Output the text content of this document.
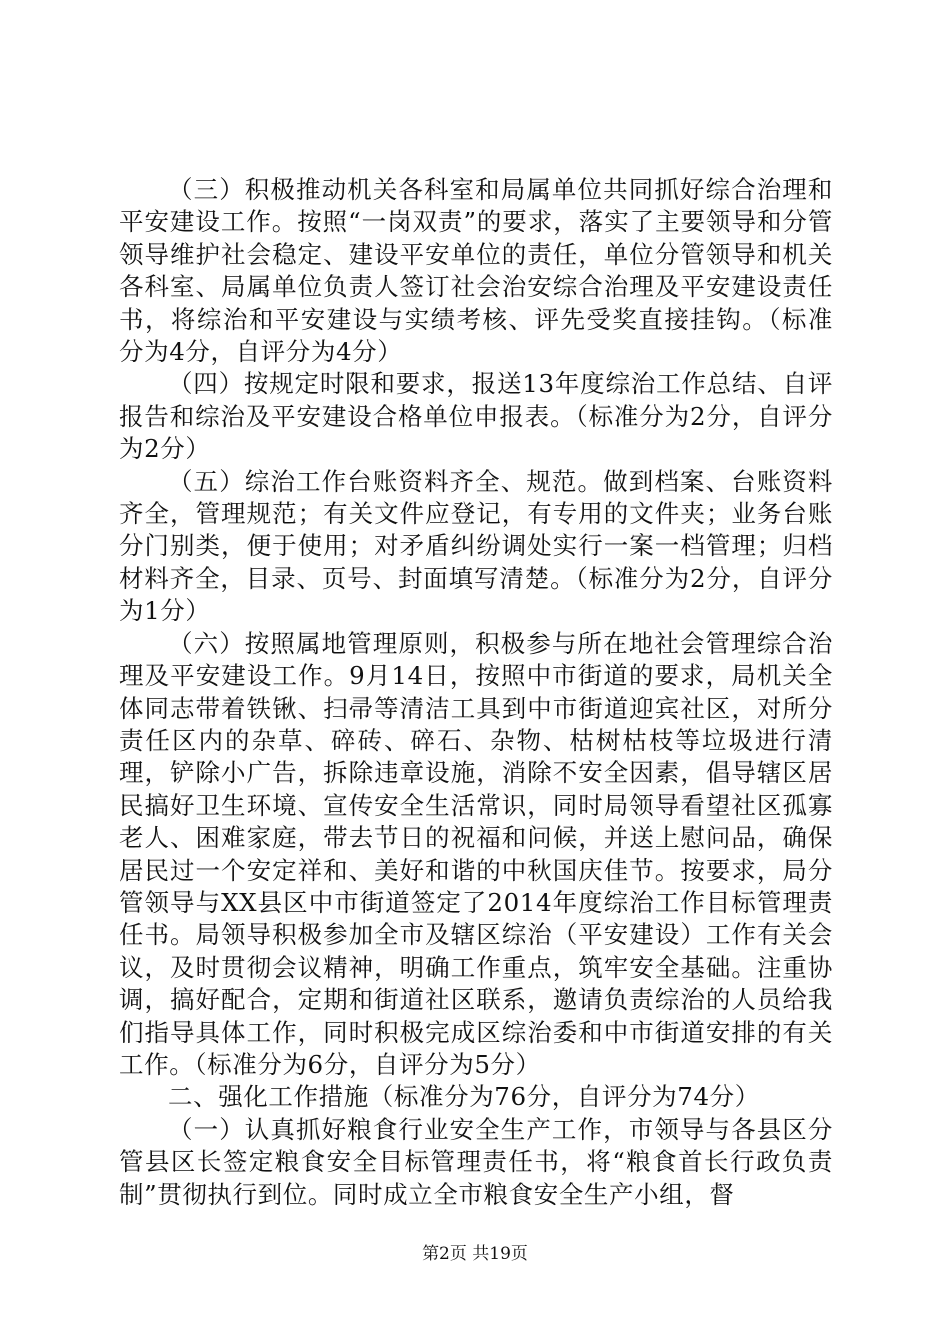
（三）积极推动机关各科室和局属单位共同抓好综合治理和平安建设工作。按照“一岗双责”的要求，落实了主要领导和分管领导维护社会稳定、建设平安单位的责任，单位分管领导和机关各科室、局属单位负责人签订社会治安综合治理及平安建设责任书，将综治和平安建设与实绩考核、评先受奖直接挂钩。（标准分为4分，自评分为4分）

（四）按规定时限和要求，报送13年度综治工作总结、自评报告和综治及平安建设合格单位申报表。（标准分为2分，自评分为2分）

（五）综治工作台账资料齐全、规范。做到档案、台账资料齐全，管理规范；有关文件应登记，有专用的文件夹；业务台账分门别类，便于使用；对矛盾纠纷调处实行一案一档管理；归档材料齐全，目录、页号、封面填写清楚。（标准分为2分，自评分为1分）

（六）按照属地管理原则，积极参与所在地社会管理综合治理及平安建设工作。9月14日，按照中市街道的要求，局机关全体同志带着铁锹、扫帚等清洁工具到中市街道迎宾社区，对所分责任区内的杂草、碎砖、碎石、杂物、枯树枯枝等垃圾进行清理，铲除小广告，拆除违章设施，消除不安全因素，倡导辖区居民搞好卫生环境、宣传安全生活常识，同时局领导看望社区孤寡老人、困难家庭，带去节日的祝福和问候，并送上慰问品，确保居民过一个安定祥和、美好和谐的中秋国庆佳节。按要求，局分管领导与XX县区中市街道签定了2014年度综治工作目标管理责任书。局领导积极参加全市及辖区综治（平安建设）工作有关会议，及时贯彻会议精神，明确工作重点，筑牢安全基础。注重协调，搞好配合，定期和街道社区联系，邀请负责综治的人员给我们指导具体工作，同时积极完成区综治委和中市街道安排的有关工作。（标准分为6分，自评分为5分）

二、强化工作措施（标准分为76分，自评分为74分）

（一）认真抓好粮食行业安全生产工作，市领导与各县区分管县区长签定粮食安全目标管理责任书，将“粮食首长行政负责制”贯彻执行到位。同时成立全市粮食安全生产小组，督

第2页 共19页
